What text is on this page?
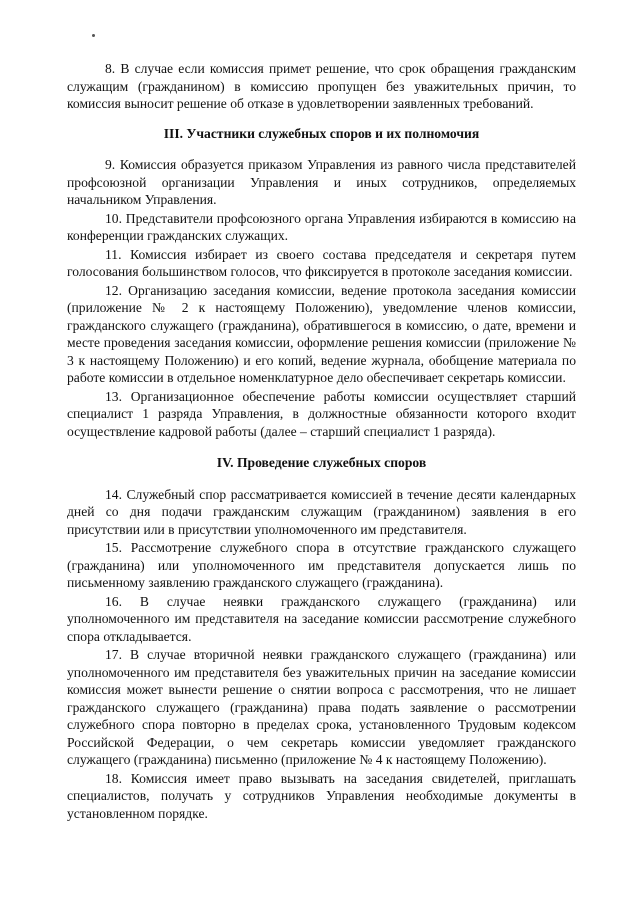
8. В случае если комиссия примет решение, что срок обращения гражданским служащим (гражданином) в комиссию пропущен без уважительных причин, то комиссия выносит решение об отказе в удовлетворении заявленных требований.

III. Участники служебных споров и их полномочия

9. Комиссия образуется приказом Управления из равного числа представителей профсоюзной организации Управления и иных сотрудников, определяемых начальником Управления.

10. Представители профсоюзного органа Управления избираются в комиссию на конференции гражданских служащих.

11. Комиссия избирает из своего состава председателя и секретаря путем голосования большинством голосов, что фиксируется в протоколе заседания комиссии.

12. Организацию заседания комиссии, ведение протокола заседания комиссии (приложение № 2 к настоящему Положению), уведомление членов комиссии, гражданского служащего (гражданина), обратившегося в комиссию, о дате, времени и месте проведения заседания комиссии, оформление решения комиссии (приложение № 3 к настоящему Положению) и его копий, ведение журнала, обобщение материала по работе комиссии в отдельное номенклатурное дело обеспечивает секретарь комиссии.

13. Организационное обеспечение работы комиссии осуществляет старший специалист 1 разряда Управления, в должностные обязанности которого входит осуществление кадровой работы (далее – старший специалист 1 разряда).

IV. Проведение служебных споров

14. Служебный спор рассматривается комиссией в течение десяти календарных дней со дня подачи гражданским служащим (гражданином) заявления в его присутствии или в присутствии уполномоченного им представителя.

15. Рассмотрение служебного спора в отсутствие гражданского служащего (гражданина) или уполномоченного им представителя допускается лишь по письменному заявлению гражданского служащего (гражданина).

16. В случае неявки гражданского служащего (гражданина) или уполномоченного им представителя на заседание комиссии рассмотрение служебного спора откладывается.

17. В случае вторичной неявки гражданского служащего (гражданина) или уполномоченного им представителя без уважительных причин на заседание комиссии комиссия может вынести решение о снятии вопроса с рассмотрения, что не лишает гражданского служащего (гражданина) права подать заявление о рассмотрении служебного спора повторно в пределах срока, установленного Трудовым кодексом Российской Федерации, о чем секретарь комиссии уведомляет гражданского служащего (гражданина) письменно (приложение № 4 к настоящему Положению).

18. Комиссия имеет право вызывать на заседания свидетелей, приглашать специалистов, получать у сотрудников Управления необходимые документы в установленном порядке.
